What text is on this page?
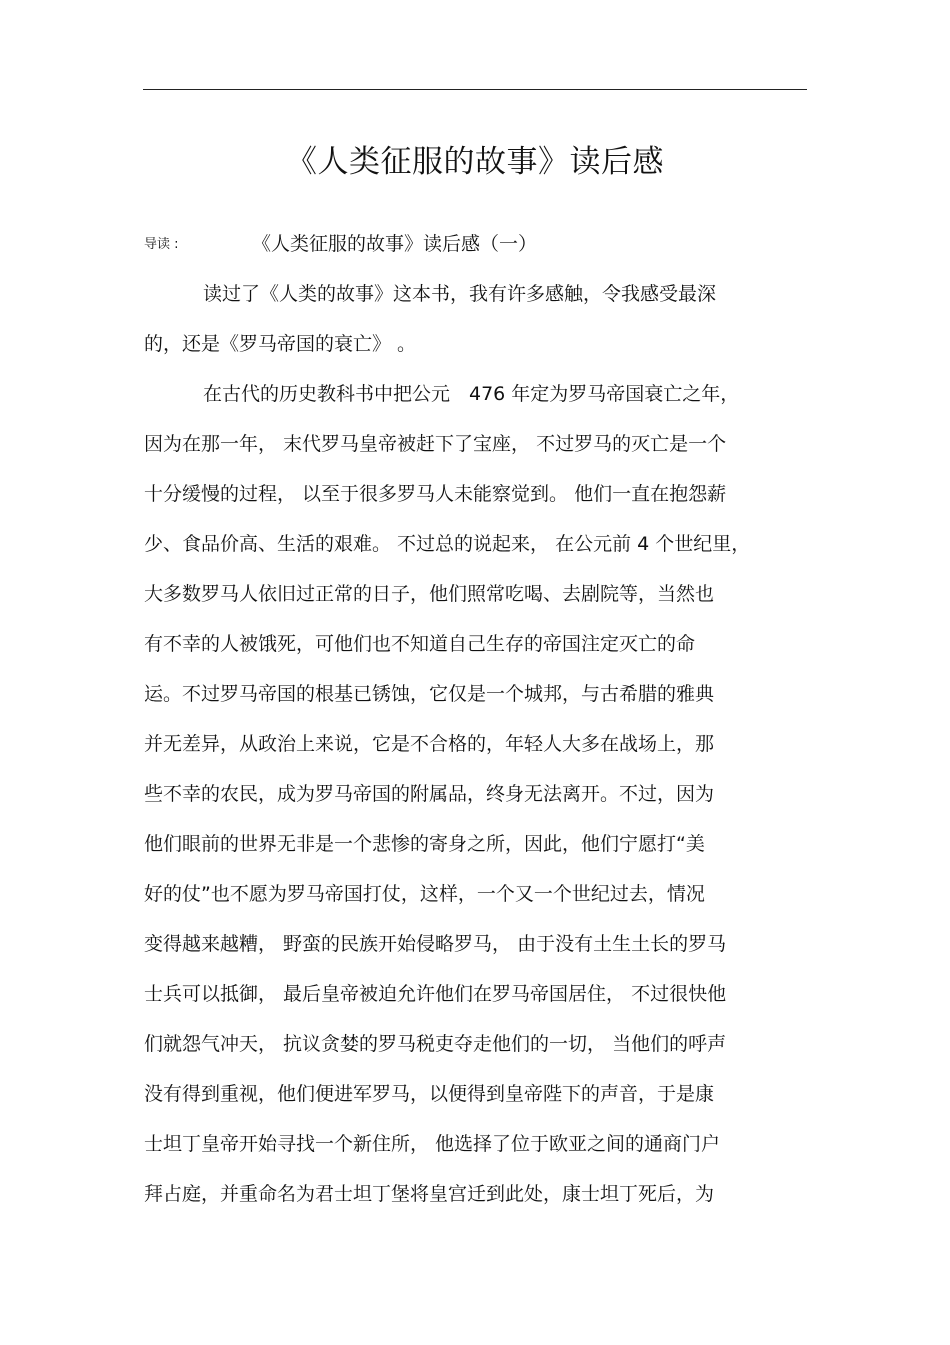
《人类征服的故事》读后感
导读 :	《人类征服的故事》读后感（一）
读过了《人类的故事》这本书，我有许多感触，令我感受最深
的，还是《罗马帝国的衰亡》 。
在古代的历史教科书中把公元　476 年定为罗马帝国衰亡之年，
因为在那一年， 末代罗马皇帝被赶下了宝座， 不过罗马的灭亡是一个
十分缓慢的过程， 以至于很多罗马人未能察觉到。 他们一直在抱怨薪
少、食品价高、生活的艰难。 不过总的说起来， 在公元前 4 个世纪里，
大多数罗马人依旧过正常的日子，他们照常吃喝、去剧院等，当然也
有不幸的人被饿死，可他们也不知道自己生存的帝国注定灭亡的命
运。不过罗马帝国的根基已锈蚀，它仅是一个城邦，与古希腊的雅典
并无差异，从政治上来说，它是不合格的，年轻人大多在战场上，那
些不幸的农民，成为罗马帝国的附属品，终身无法离开。不过，因为
他们眼前的世界无非是一个悲惨的寄身之所，因此，他们宁愿打“美
好的仗”也不愿为罗马帝国打仗，这样，一个又一个世纪过去，情况
变得越来越糟， 野蛮的民族开始侵略罗马， 由于没有土生土长的罗马
士兵可以抵御， 最后皇帝被迫允许他们在罗马帝国居住， 不过很快他
们就怨气冲天， 抗议贪婪的罗马税吏夺走他们的一切， 当他们的呼声
没有得到重视，他们便进军罗马，以便得到皇帝陛下的声音，于是康
士坦丁皇帝开始寻找一个新住所， 他选择了位于欧亚之间的通商门户
拜占庭，并重命名为君士坦丁堡将皇宫迁到此处，康士坦丁死后，为
